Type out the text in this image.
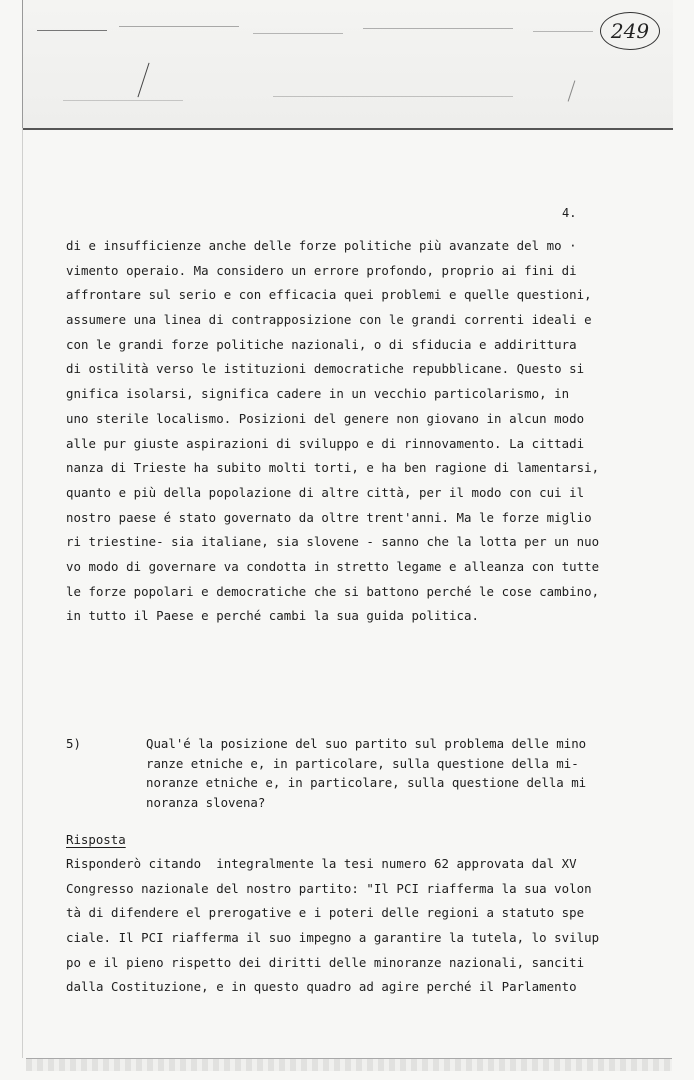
249
4.
di e insufficienze anche delle forze politiche più avanzate del mo ·
vimento operaio. Ma considero un errore profondo, proprio ai fini di
affrontare sul serio e con efficacia quei problemi e quelle questioni,
assumere una linea di contrapposizione con le grandi correnti ideali e
con le grandi forze politiche nazionali, o di sfiducia e addirittura
di ostilità verso le istituzioni democratiche repubblicane. Questo si
gnifica isolarsi, significa cadere in un vecchio particolarismo, in
uno sterile localismo. Posizioni del genere non giovano in alcun modo
alle pur giuste aspirazioni di sviluppo e di rinnovamento. La cittadi
nanza di Trieste ha subito molti torti, e ha ben ragione di lamentarsi,
quanto e più della popolazione di altre città, per il modo con cui il
nostro paese é stato governato da oltre trent'anni. Ma le forze miglio
ri triestine- sia italiane, sia slovene - sanno che la lotta per un nuo
vo modo di governare va condotta in stretto legame e alleanza con tutte
le forze popolari e democratiche che si battono perché le cose cambino,
in tutto il Paese e perché cambi la sua guida politica.
5)	Qual'é la posizione del suo partito sul problema delle mino
ranze etniche e, in particolare, sulla questione della mi-
noranze etniche e, in particolare, sulla questione della mi
noranza slovena?
Risposta
Risponderò citando  integralmente la tesi numero 62 approvata dal XV
Congresso nazionale del nostro partito: "Il PCI riafferma la sua volon
tà di difendere el prerogative e i poteri delle regioni a statuto spe
ciale. Il PCI riafferma il suo impegno a garantire la tutela, lo svilup
po e il pieno rispetto dei diritti delle minoranze nazionali, sanciti
dalla Costituzione, e in questo quadro ad agire perché il Parlamento
